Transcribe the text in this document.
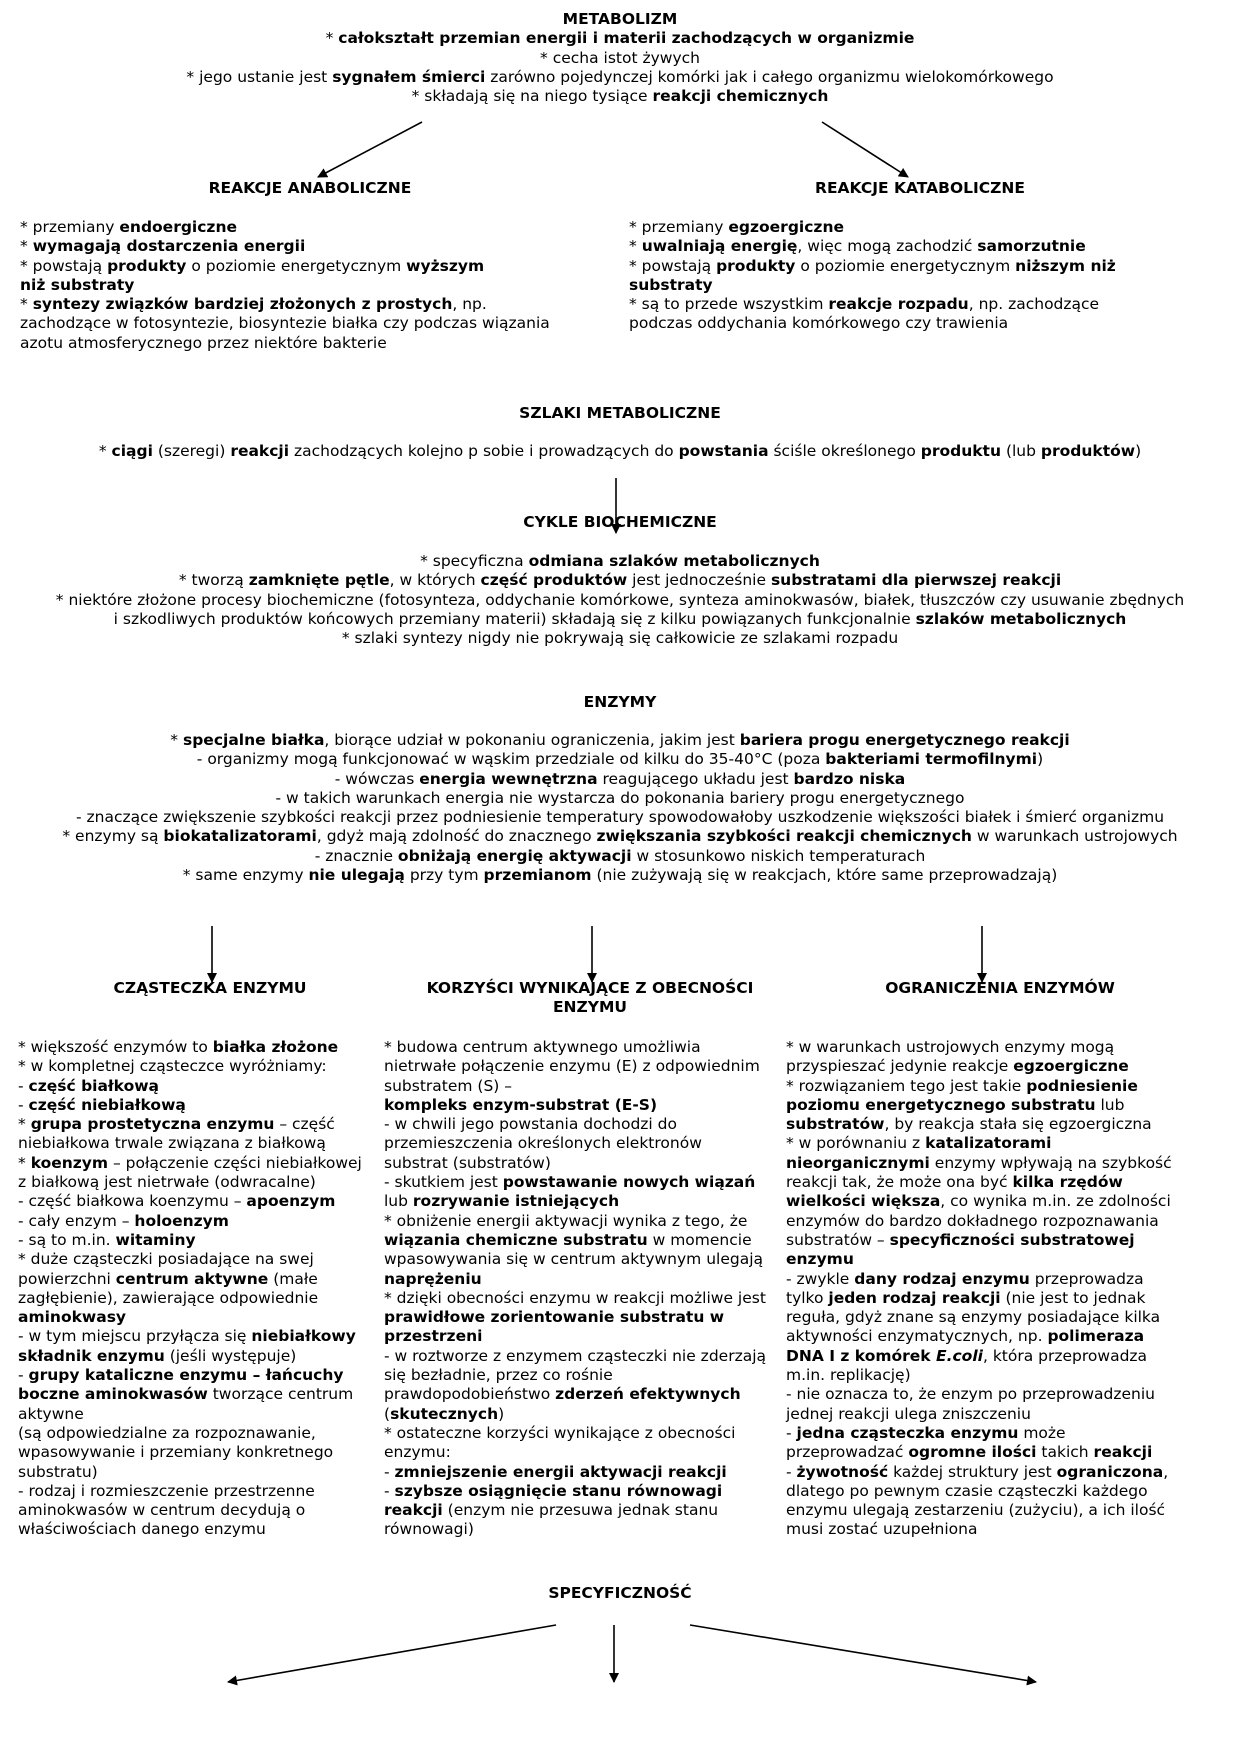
METABOLIZM
* całokształt przemian energii i materii zachodzących w organizmie
* cecha istot żywych
* jego ustanie jest sygnałem śmierci zarówno pojedynczej komórki jak i całego organizmu wielokomórkowego
* składają się na niego tysiące reakcji chemicznych
REAKCJE ANABOLICZNE
* przemiany endoergiczne
* wymagają dostarczenia energii
* powstają produkty o poziomie energetycznym wyższym
niż substraty
* syntezy związków bardziej złożonych z prostych, np.
zachodzące w fotosyntezie, biosyntezie białka czy podczas wiązania
azotu atmosferycznego przez niektóre bakterie
REAKCJE KATABOLICZNE
* przemiany egzoergiczne
* uwalniają energię, więc mogą zachodzić samorzutnie
* powstają produkty o poziomie energetycznym niższym niż
substraty
* są to przede wszystkim reakcje rozpadu, np. zachodzące
podczas oddychania komórkowego czy trawienia
SZLAKI METABOLICZNE
* ciągi (szeregi) reakcji zachodzących kolejno p sobie i prowadzących do powstania ściśle określonego produktu (lub produktów)
CYKLE BIOCHEMICZNE
* specyficzna odmiana szlaków metabolicznych
* tworzą zamknięte pętle, w których część produktów jest jednocześnie substratami dla pierwszej reakcji
* niektóre złożone procesy biochemiczne (fotosynteza, oddychanie komórkowe, synteza aminokwasów, białek, tłuszczów czy usuwanie zbędnych
i szkodliwych produktów końcowych przemiany materii) składają się z kilku powiązanych funkcjonalnie szlaków metabolicznych
* szlaki syntezy nigdy nie pokrywają się całkowicie ze szlakami rozpadu
ENZYMY
* specjalne białka, biorące udział w pokonaniu ograniczenia, jakim jest bariera progu energetycznego reakcji
- organizmy mogą funkcjonować w wąskim przedziale od kilku do 35-40°C (poza bakteriami termofilnymi)
- wówczas energia wewnętrzna reagującego układu jest bardzo niska
- w takich warunkach energia nie wystarcza do pokonania bariery progu energetycznego
- znaczące zwiększenie szybkości reakcji przez podniesienie temperatury spowodowałoby uszkodzenie większości białek i śmierć organizmu
* enzymy są biokatalizatorami, gdyż mają zdolność do znacznego zwiększania szybkości reakcji chemicznych w warunkach ustrojowych
- znacznie obniżają energię aktywacji w stosunkowo niskich temperaturach
* same enzymy nie ulegają przy tym przemianom (nie zużywają się w reakcjach, które same przeprowadzają)
CZĄSTECZKA ENZYMU
* większość enzymów to białka złożone
* w kompletnej cząsteczce wyróżniamy:
- część białkową
- część niebiałkową
* grupa prostetyczna enzymu – część
niebiałkowa trwale związana z białkową
* koenzym – połączenie części niebiałkowej
z białkową jest nietrwałe (odwracalne)
- część białkowa koenzymu – apoenzym
- cały enzym – holoenzym
- są to m.in. witaminy
* duże cząsteczki posiadające na swej
powierzchni centrum aktywne (małe
zagłębienie), zawierające odpowiednie
aminokwasy
- w tym miejscu przyłącza się niebiałkowy
składnik enzymu (jeśli występuje)
- grupy kataliczne enzymu – łańcuchy
boczne aminokwasów tworzące centrum
aktywne
(są odpowiedzialne za rozpoznawanie,
wpasowywanie i przemiany konkretnego
substratu)
- rodzaj i rozmieszczenie przestrzenne
aminokwasów w centrum decydują o
właściwościach danego enzymu
KORZYŚCI WYNIKAJĄCE Z OBECNOŚCI
ENZYMU
* budowa centrum aktywnego umożliwia
nietrwałe połączenie enzymu (E) z odpowiednim
substratem (S) –
kompleks enzym-substrat (E-S)
- w chwili jego powstania dochodzi do
przemieszczenia określonych elektronów
substrat (substratów)
- skutkiem jest powstawanie nowych wiązań
lub rozrywanie istniejących
* obniżenie energii aktywacji wynika z tego, że
wiązania chemiczne substratu w momencie
wpasowywania się w centrum aktywnym ulegają
naprężeniu
* dzięki obecności enzymu w reakcji możliwe jest
prawidłowe zorientowanie substratu w
przestrzeni
- w roztworze z enzymem cząsteczki nie zderzają
się bezładnie, przez co rośnie
prawdopodobieństwo zderzeń efektywnych
(skutecznych)
* ostateczne korzyści wynikające z obecności
enzymu:
- zmniejszenie energii aktywacji reakcji
- szybsze osiągnięcie stanu równowagi
reakcji (enzym nie przesuwa jednak stanu
równowagi)
OGRANICZENIA ENZYMÓW
* w warunkach ustrojowych enzymy mogą
przyspieszać jedynie reakcje egzoergiczne
* rozwiązaniem tego jest takie podniesienie
poziomu energetycznego substratu lub
substratów, by reakcja stała się egzoergiczna
* w porównaniu z katalizatorami
nieorganicznymi enzymy wpływają na szybkość
reakcji tak, że może ona być kilka rzędów
wielkości większa, co wynika m.in. ze zdolności
enzymów do bardzo dokładnego rozpoznawania
substratów – specyficzności substratowej
enzymu
- zwykle dany rodzaj enzymu przeprowadza
tylko jeden rodzaj reakcji (nie jest to jednak
reguła, gdyż znane są enzymy posiadające kilka
aktywności enzymatycznych, np. polimeraza
DNA I z komórek E.coli, która przeprowadza
m.in. replikację)
- nie oznacza to, że enzym po przeprowadzeniu
jednej reakcji ulega zniszczeniu
- jedna cząsteczka enzymu może
przeprowadzać ogromne ilości takich reakcji
- żywotność każdej struktury jest ograniczona,
dlatego po pewnym czasie cząsteczki każdego
enzymu ulegają zestarzeniu (zużyciu), a ich ilość
musi zostać uzupełniona
SPECYFICZNOŚĆ
